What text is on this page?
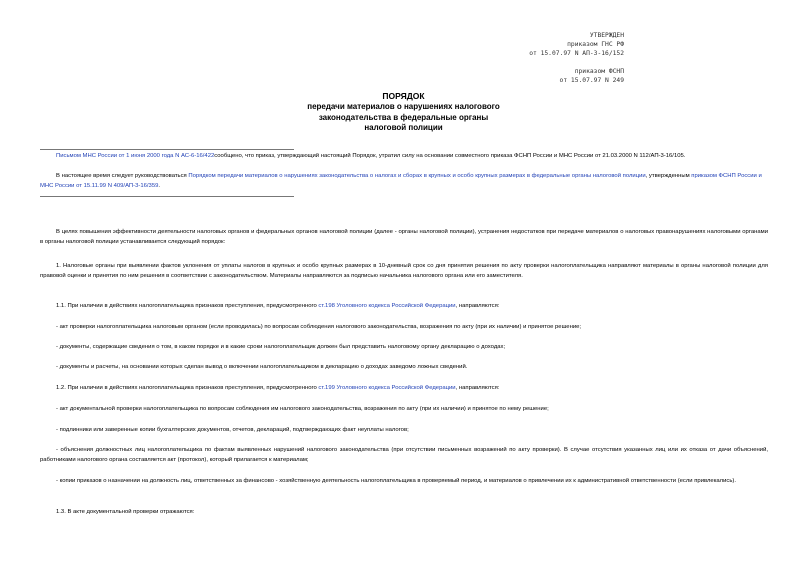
УТВЕРЖДЕН
приказом ГНС РФ
от 15.07.97 N АП-3-16/152
приказом ФСНП
от 15.07.97 N 249
ПОРЯДОК
передачи материалов о нарушениях налогового
законодательства в федеральные органы
налоговой полиции
Письмом МНС России от 1 июня 2000 года N АС-6-16/422сообщено, что приказ, утверждающий настоящий Порядок, утратил силу на основании совместного приказа ФСНП России и МНС России от 21.03.2000 N 112/АП-3-16/105.
В настоящее время следует руководствоваться Порядком передачи материалов о нарушениях законодательства о налогах и сборах в крупных и особо крупных размерах в федеральные органы налоговой полиции, утвержденным приказом ФСНП России и МНС России от 15.11.99 N 409/АП-3-16/359.
В целях повышения эффективности деятельности налоговых органов и федеральных органов налоговой полиции (далее - органы налоговой полиции), устранения недостатков при передаче материалов о налоговых правонарушениях налоговыми органами в органы налоговой полиции устанавливается следующий порядок:
1. Налоговые органы при выявлении фактов уклонения от уплаты налогов в крупных и особо крупных размерах в 10-дневный срок со дня принятия решения по акту проверки налогоплательщика направляют материалы в органы налоговой полиции для правовой оценки и принятия по ним решения в соответствии с законодательством. Материалы направляются за подписью начальника налогового органа или его заместителя.
1.1. При наличии в действиях налогоплательщика признаков преступления, предусмотренного ст.198 Уголовного кодекса Российской Федерации, направляются:
- акт проверки налогоплательщика налоговым органом (если проводилась) по вопросам соблюдения налогового законодательства, возражения по акту (при их наличии) и принятое решение;
- документы, содержащие сведения о том, в каком порядке и в какие сроки налогоплательщик должен был представить налоговому органу декларацию о доходах;
- документы и расчеты, на основании которых сделан вывод о включении налогоплательщиком в декларацию о доходах заведомо ложных сведений.
1.2. При наличии в действиях налогоплательщика признаков преступления, предусмотренного ст.199 Уголовного кодекса Российской Федерации, направляются:
- акт документальной проверки налогоплательщика по вопросам соблюдения им налогового законодательства, возражения по акту (при их наличии) и принятое по нему решение;
- подлинники или заверенные копии бухгалтерских документов, отчетов, деклараций, подтверждающих факт неуплаты налогов;
- объяснения должностных лиц налогоплательщика по фактам выявленных нарушений налогового законодательства (при отсутствии письменных возражений по акту проверки). В случае отсутствия указанных лиц или их отказа от дачи объяснений, работниками налогового органа составляется акт (протокол), который прилагается к материалам;
- копии приказов о назначении на должность лиц, ответственных за финансово - хозяйственную деятельность налогоплательщика в проверяемый период, и материалов о привлечении их к административной ответственности (если привлекались).
1.3. В акте документальной проверки отражаются:
